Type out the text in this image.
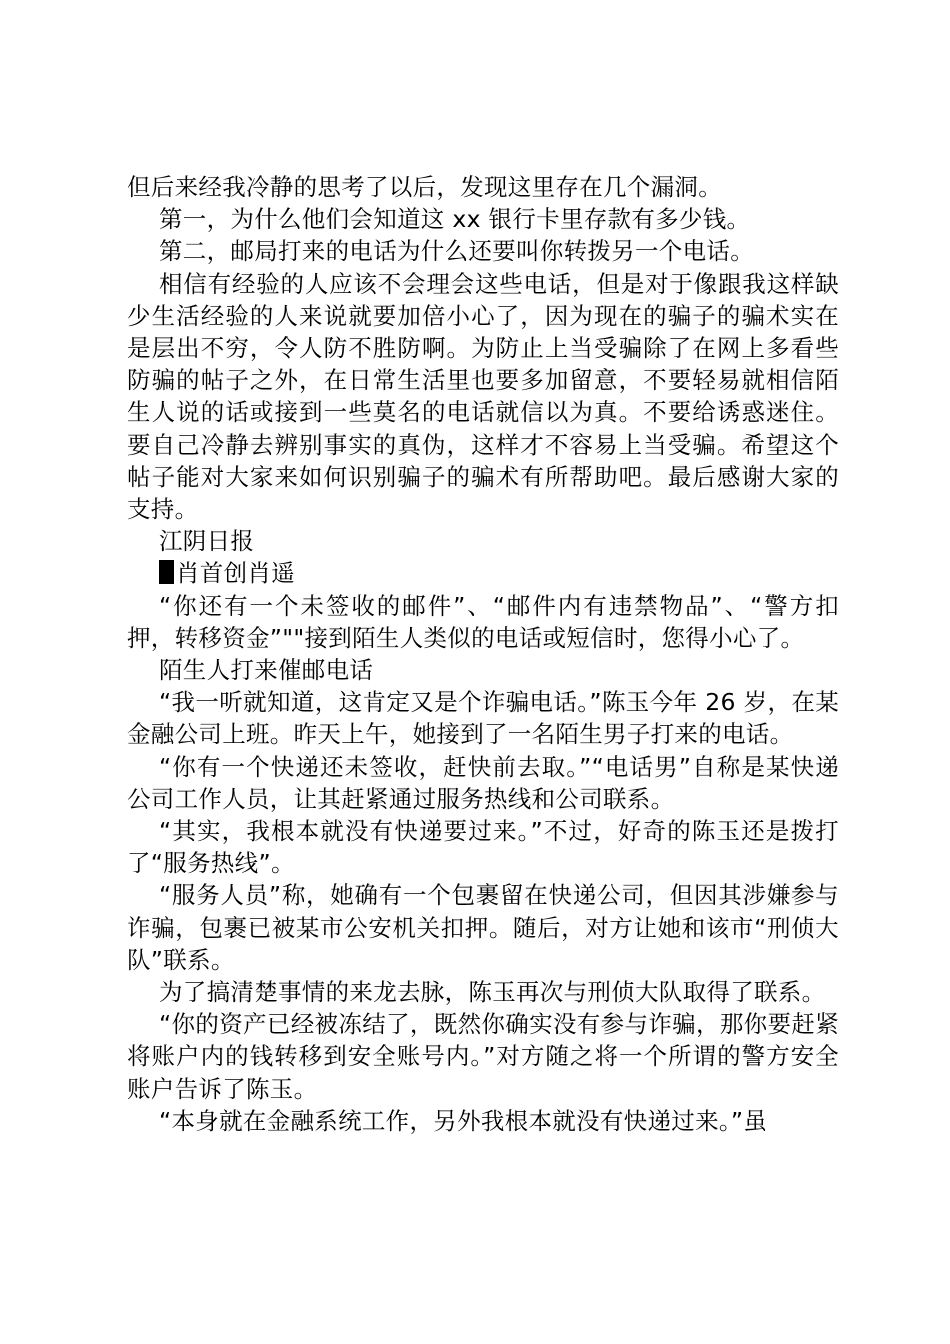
但后来经我冷静的思考了以后，发现这里存在几个漏洞。

第一，为什么他们会知道这 xx 银行卡里存款有多少钱。

第二，邮局打来的电话为什么还要叫你转拨另一个电话。

相信有经验的人应该不会理会这些电话，但是对于像跟我这样缺少生活经验的人来说就要加倍小心了，因为现在的骗子的骗术实在是层出不穷，令人防不胜防啊。为防止上当受骗除了在网上多看些防骗的帖子之外，在日常生活里也要多加留意，不要轻易就相信陌生人说的话或接到一些莫名的电话就信以为真。不要给诱惑迷住。要自己冷静去辨别事实的真伪，这样才不容易上当受骗。希望这个帖子能对大家来如何识别骗子的骗术有所帮助吧。最后感谢大家的支持。

江阴日报

肖首创肖遥

“你还有一个未签收的邮件”、“邮件内有违禁物品”、“警方扣押，转移资金”""接到陌生人类似的电话或短信时，您得小心了。

陌生人打来催邮电话

“我一听就知道，这肯定又是个诈骗电话。”陈玉今年 26 岁，在某金融公司上班。昨天上午，她接到了一名陌生男子打来的电话。

“你有一个快递还未签收，赶快前去取。”“电话男”自称是某快递公司工作人员，让其赶紧通过服务热线和公司联系。

“其实，我根本就没有快递要过来。”不过，好奇的陈玉还是拨打了“服务热线”。

“服务人员”称，她确有一个包裹留在快递公司，但因其涉嫌参与诈骗，包裹已被某市公安机关扣押。随后，对方让她和该市“刑侦大队”联系。

为了搞清楚事情的来龙去脉，陈玉再次与刑侦大队取得了联系。

“你的资产已经被冻结了，既然你确实没有参与诈骗，那你要赶紧将账户内的钱转移到安全账号内。”对方随之将一个所谓的警方安全账户告诉了陈玉。

“本身就在金融系统工作，另外我根本就没有快递过来。”虽
